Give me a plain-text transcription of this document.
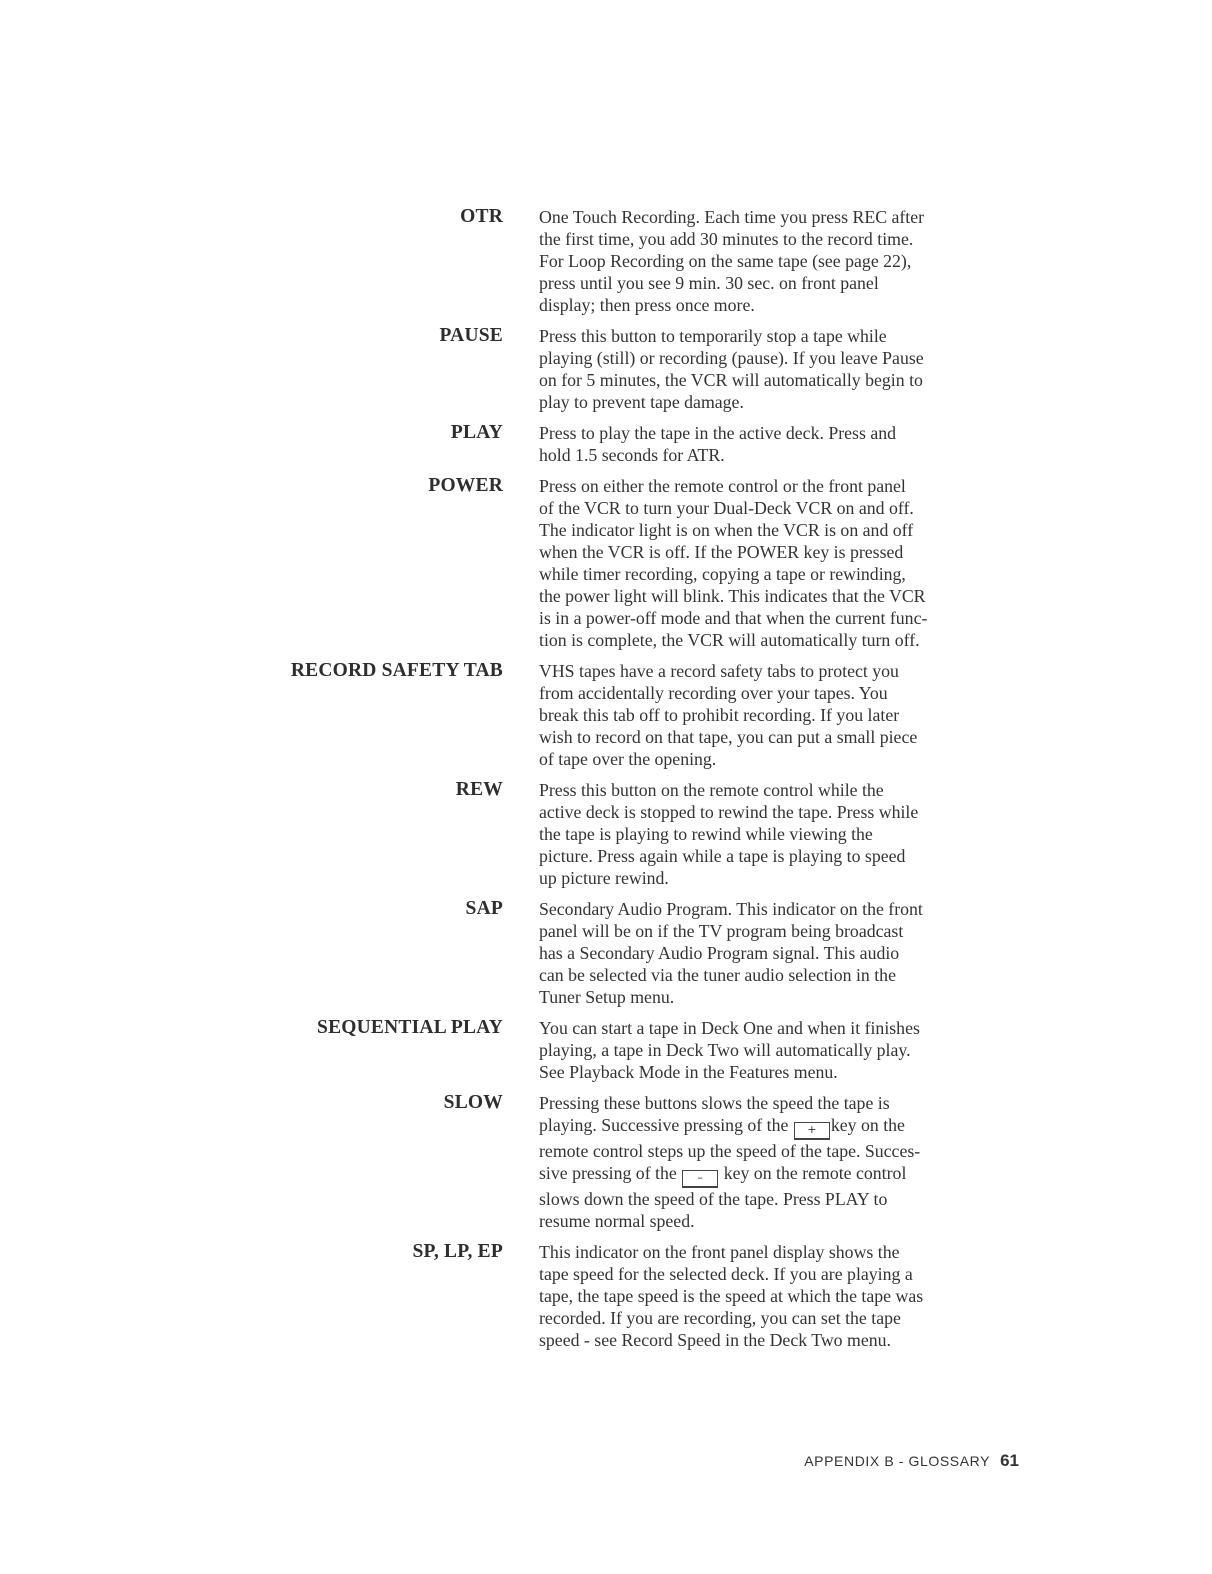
OTR One Touch Recording. Each time you press REC after
the first time, you add 30 minutes to the record time.
For Loop Recording on the same tape (see page 22),
press until you see 9 min. 30 sec. on front panel
display; then press once more.
PAUSE Press this button to temporarily stop a tape while
playing (still) or recording (pause). If you leave Pause
on for 5 minutes, the VCR will automatically begin to
play to prevent tape damage.
PLAY Press to play the tape in the active deck. Press and
hold 1.5 seconds for ATR.
POWER Press on either the remote control or the front panel
of the VCR to turn your Dual-Deck VCR on and off.
The indicator light is on when the VCR is on and off
when the VCR is off. If the POWER key is pressed
while timer recording, copying a tape or rewinding,
the power light will blink. This indicates that the VCR
is in a power-off mode and that when the current func-
tion is complete, the VCR will automatically turn off.
RECORD SAFETY TAB VHS tapes have a record safety tabs to protect you
from accidentally recording over your tapes. You
break this tab off to prohibit recording. If you later
wish to record on that tape, you can put a small piece
of tape over the opening.
REW Press this button on the remote control while the
active deck is stopped to rewind the tape. Press while
the tape is playing to rewind while viewing the
picture. Press again while a tape is playing to speed
up picture rewind.
SAP Secondary Audio Program. This indicator on the front
panel will be on if the TV program being broadcast
has a Secondary Audio Program signal. This audio
can be selected via the tuner audio selection in the
Tuner Setup menu.
SEQUENTIAL PLAY You can start a tape in Deck One and when it finishes
playing, a tape in Deck Two will automatically play.
See Playback Mode in the Features menu.
SLOW Pressing these buttons slows the speed the tape is
playing. Successive pressing of the + key on the
remote control steps up the speed of the tape. Succes-
sive pressing of the – key on the remote control
slows down the speed of the tape. Press PLAY to
resume normal speed.
SP, LP, EP This indicator on the front panel display shows the
tape speed for the selected deck. If you are playing a
tape, the tape speed is the speed at which the tape was
recorded. If you are recording, you can set the tape
speed - see Record Speed in the Deck Two menu.
APPENDIX B - GLOSSARY 61
